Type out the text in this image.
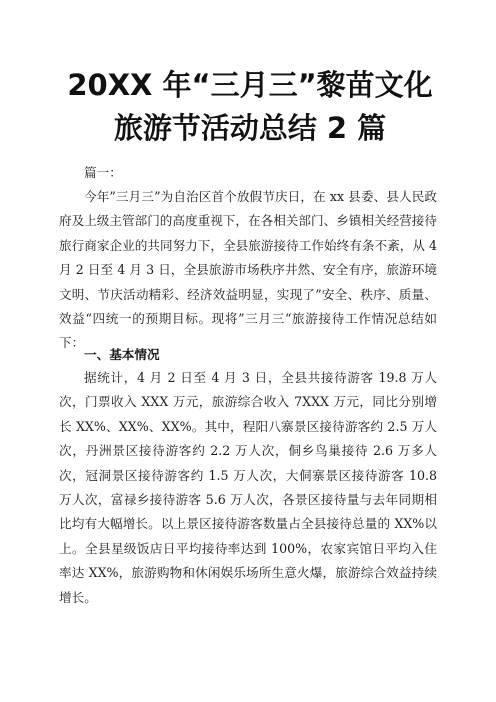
20XX 年“三月三”黎苗文化
旅游节活动总结 2 篇
篇一：
今年”三月三”为自治区首个放假节庆日，在 xx 县委、县人民政府及上级主管部门的高度重视下，在各相关部门、乡镇相关经营接待旅行商家企业的共同努力下，全县旅游接待工作始终有条不紊，从 4 月 2 日至 4 月 3 日，全县旅游市场秩序井然、安全有序，旅游环境文明、节庆活动精彩、经济效益明显，实现了”安全、秩序、质量、效益“四统一的预期目标。现将”三月三“旅游接待工作情况总结如下：
一、基本情况
据统计，4 月 2 日至 4 月 3 日，全县共接待游客 19.8 万人次，门票收入 XXX 万元，旅游综合收入 7XXX 万元，同比分别增长 XX%、XX%、XX%。其中，程阳八寨景区接待游客约 2.5 万人次，丹洲景区接待游客约 2.2 万人次，侗乡鸟巢接待 2.6 万多人次，冠洞景区接待游客约 1.5 万人次，大侗寨景区接待游客 10.8 万人次，富禄乡接待游客 5.6 万人次，各景区接待量与去年同期相比均有大幅增长。以上景区接待游客数量占全县接待总量的 XX%以上。全县星级饭店日平均接待率达到 100%，农家宾馆日平均入住率达 XX%，旅游购物和休闲娱乐场所生意火爆，旅游综合效益持续增长。
